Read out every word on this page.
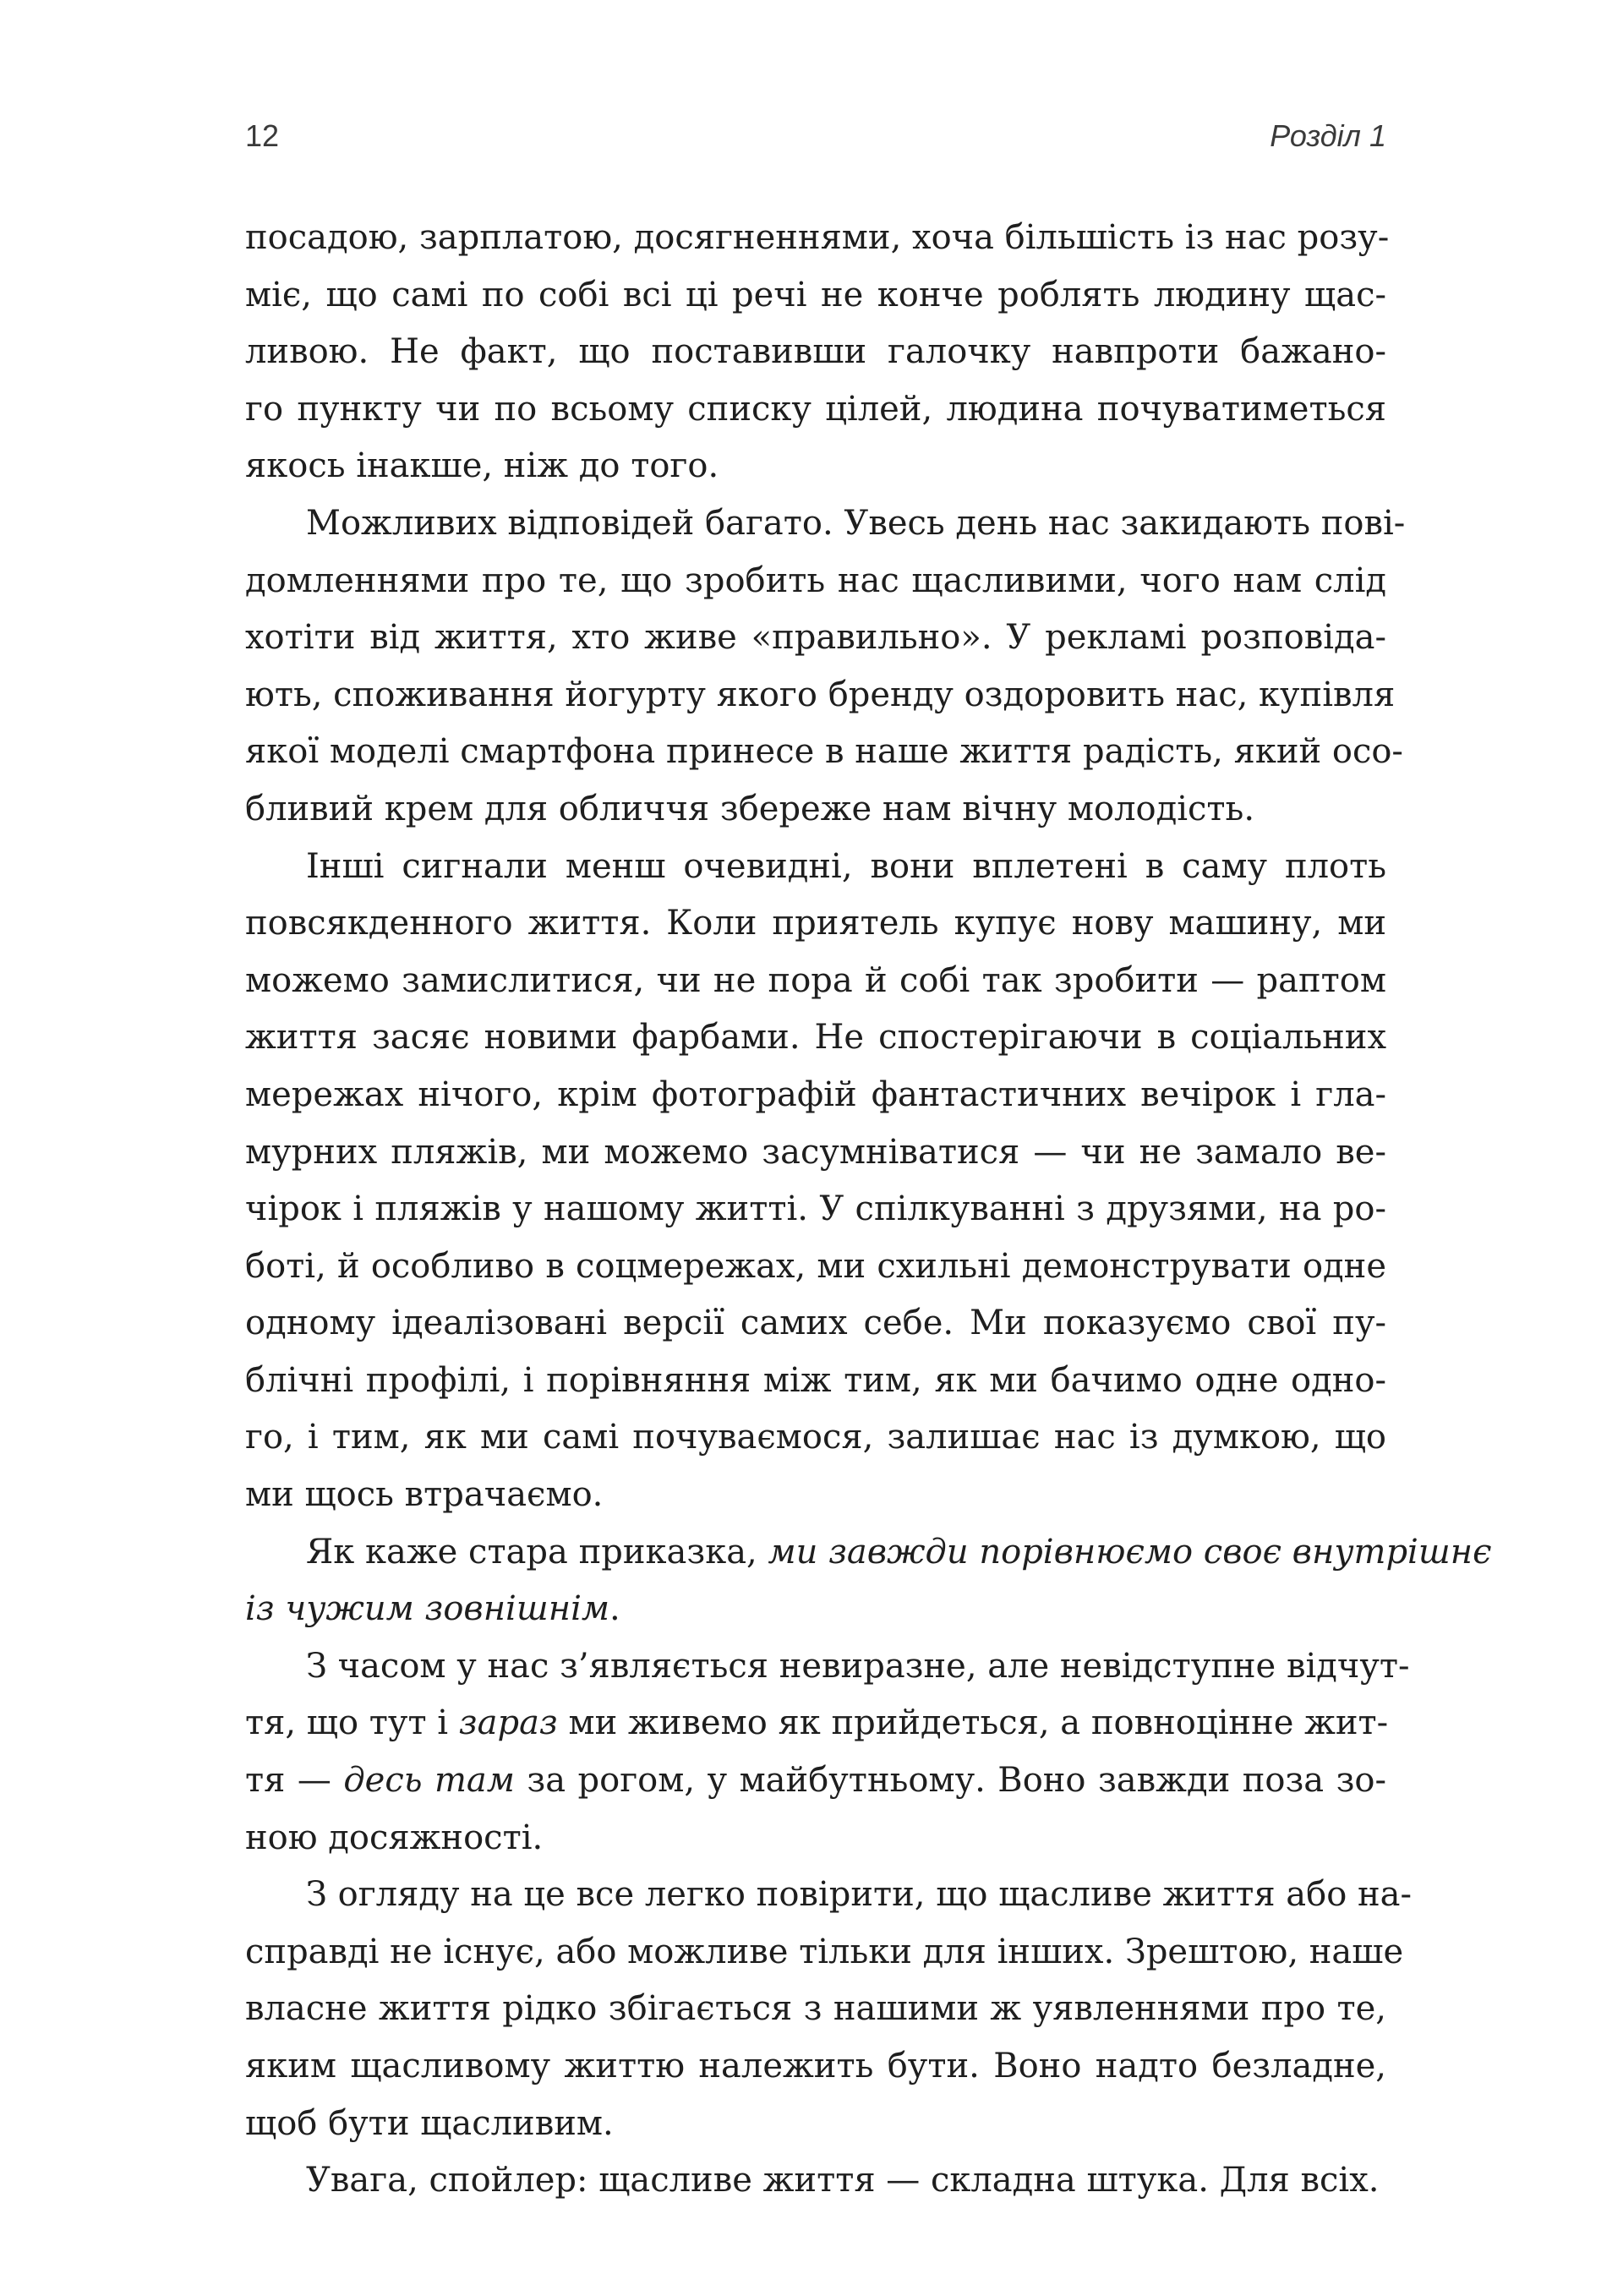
12	Розділ 1
посадою, зарплатою, досягненнями, хоча більшість із нас розу-
міє, що самі по собі всі ці речі не конче роблять людину щас-
ливою. Не факт, що поставивши галочку навпроти бажано-
го пункту чи по всьому списку цілей, людина почуватиметься
якось інакше, ніж до того.
Можливих відповідей багато. Увесь день нас закидають пові-
домленнями про те, що зробить нас щасливими, чого нам слід
хотіти від життя, хто живе «правильно». У рекламі розповіда-
ють, споживання йогурту якого бренду оздоровить нас, купівля
якої моделі смартфона принесе в наше життя радість, який осо-
бливий крем для обличчя збереже нам вічну молодість.
Інші сигнали менш очевидні, вони вплетені в саму плоть
повсякденного життя. Коли приятель купує нову машину, ми
можемо замислитися, чи не пора й собі так зробити — раптом
життя засяє новими фарбами. Не спостерігаючи в соціальних
мережах нічого, крім фотографій фантастичних вечірок і гла-
мурних пляжів, ми можемо засумніватися — чи не замало ве-
чірок і пляжів у нашому житті. У спілкуванні з друзями, на ро-
боті, й особливо в соцмережах, ми схильні демонструвати одне
одному ідеалізовані версії самих себе. Ми показуємо свої пу-
блічні профілі, і порівняння між тим, як ми бачимо одне одно-
го, і тим, як ми самі почуваємося, залишає нас із думкою, що
ми щось втрачаємо.
Як каже стара приказка, ми завжди порівнюємо своє внутрішнє
із чужим зовнішнім.
З часом у нас з’являється невиразне, але невідступне відчут-
тя, що тут і зараз ми живемо як прийдеться, а повноцінне жит-
тя — десь там за рогом, у майбутньому. Воно завжди поза зо-
ною досяжності.
З огляду на це все легко повірити, що щасливе життя або на-
справді не існує, або можливе тільки для інших. Зрештою, наше
власне життя рідко збігається з нашими ж уявленнями про те,
яким щасливому життю належить бути. Воно надто безладне,
щоб бути щасливим.
Увага, спойлер: щасливе життя — складна штука. Для всіх.
